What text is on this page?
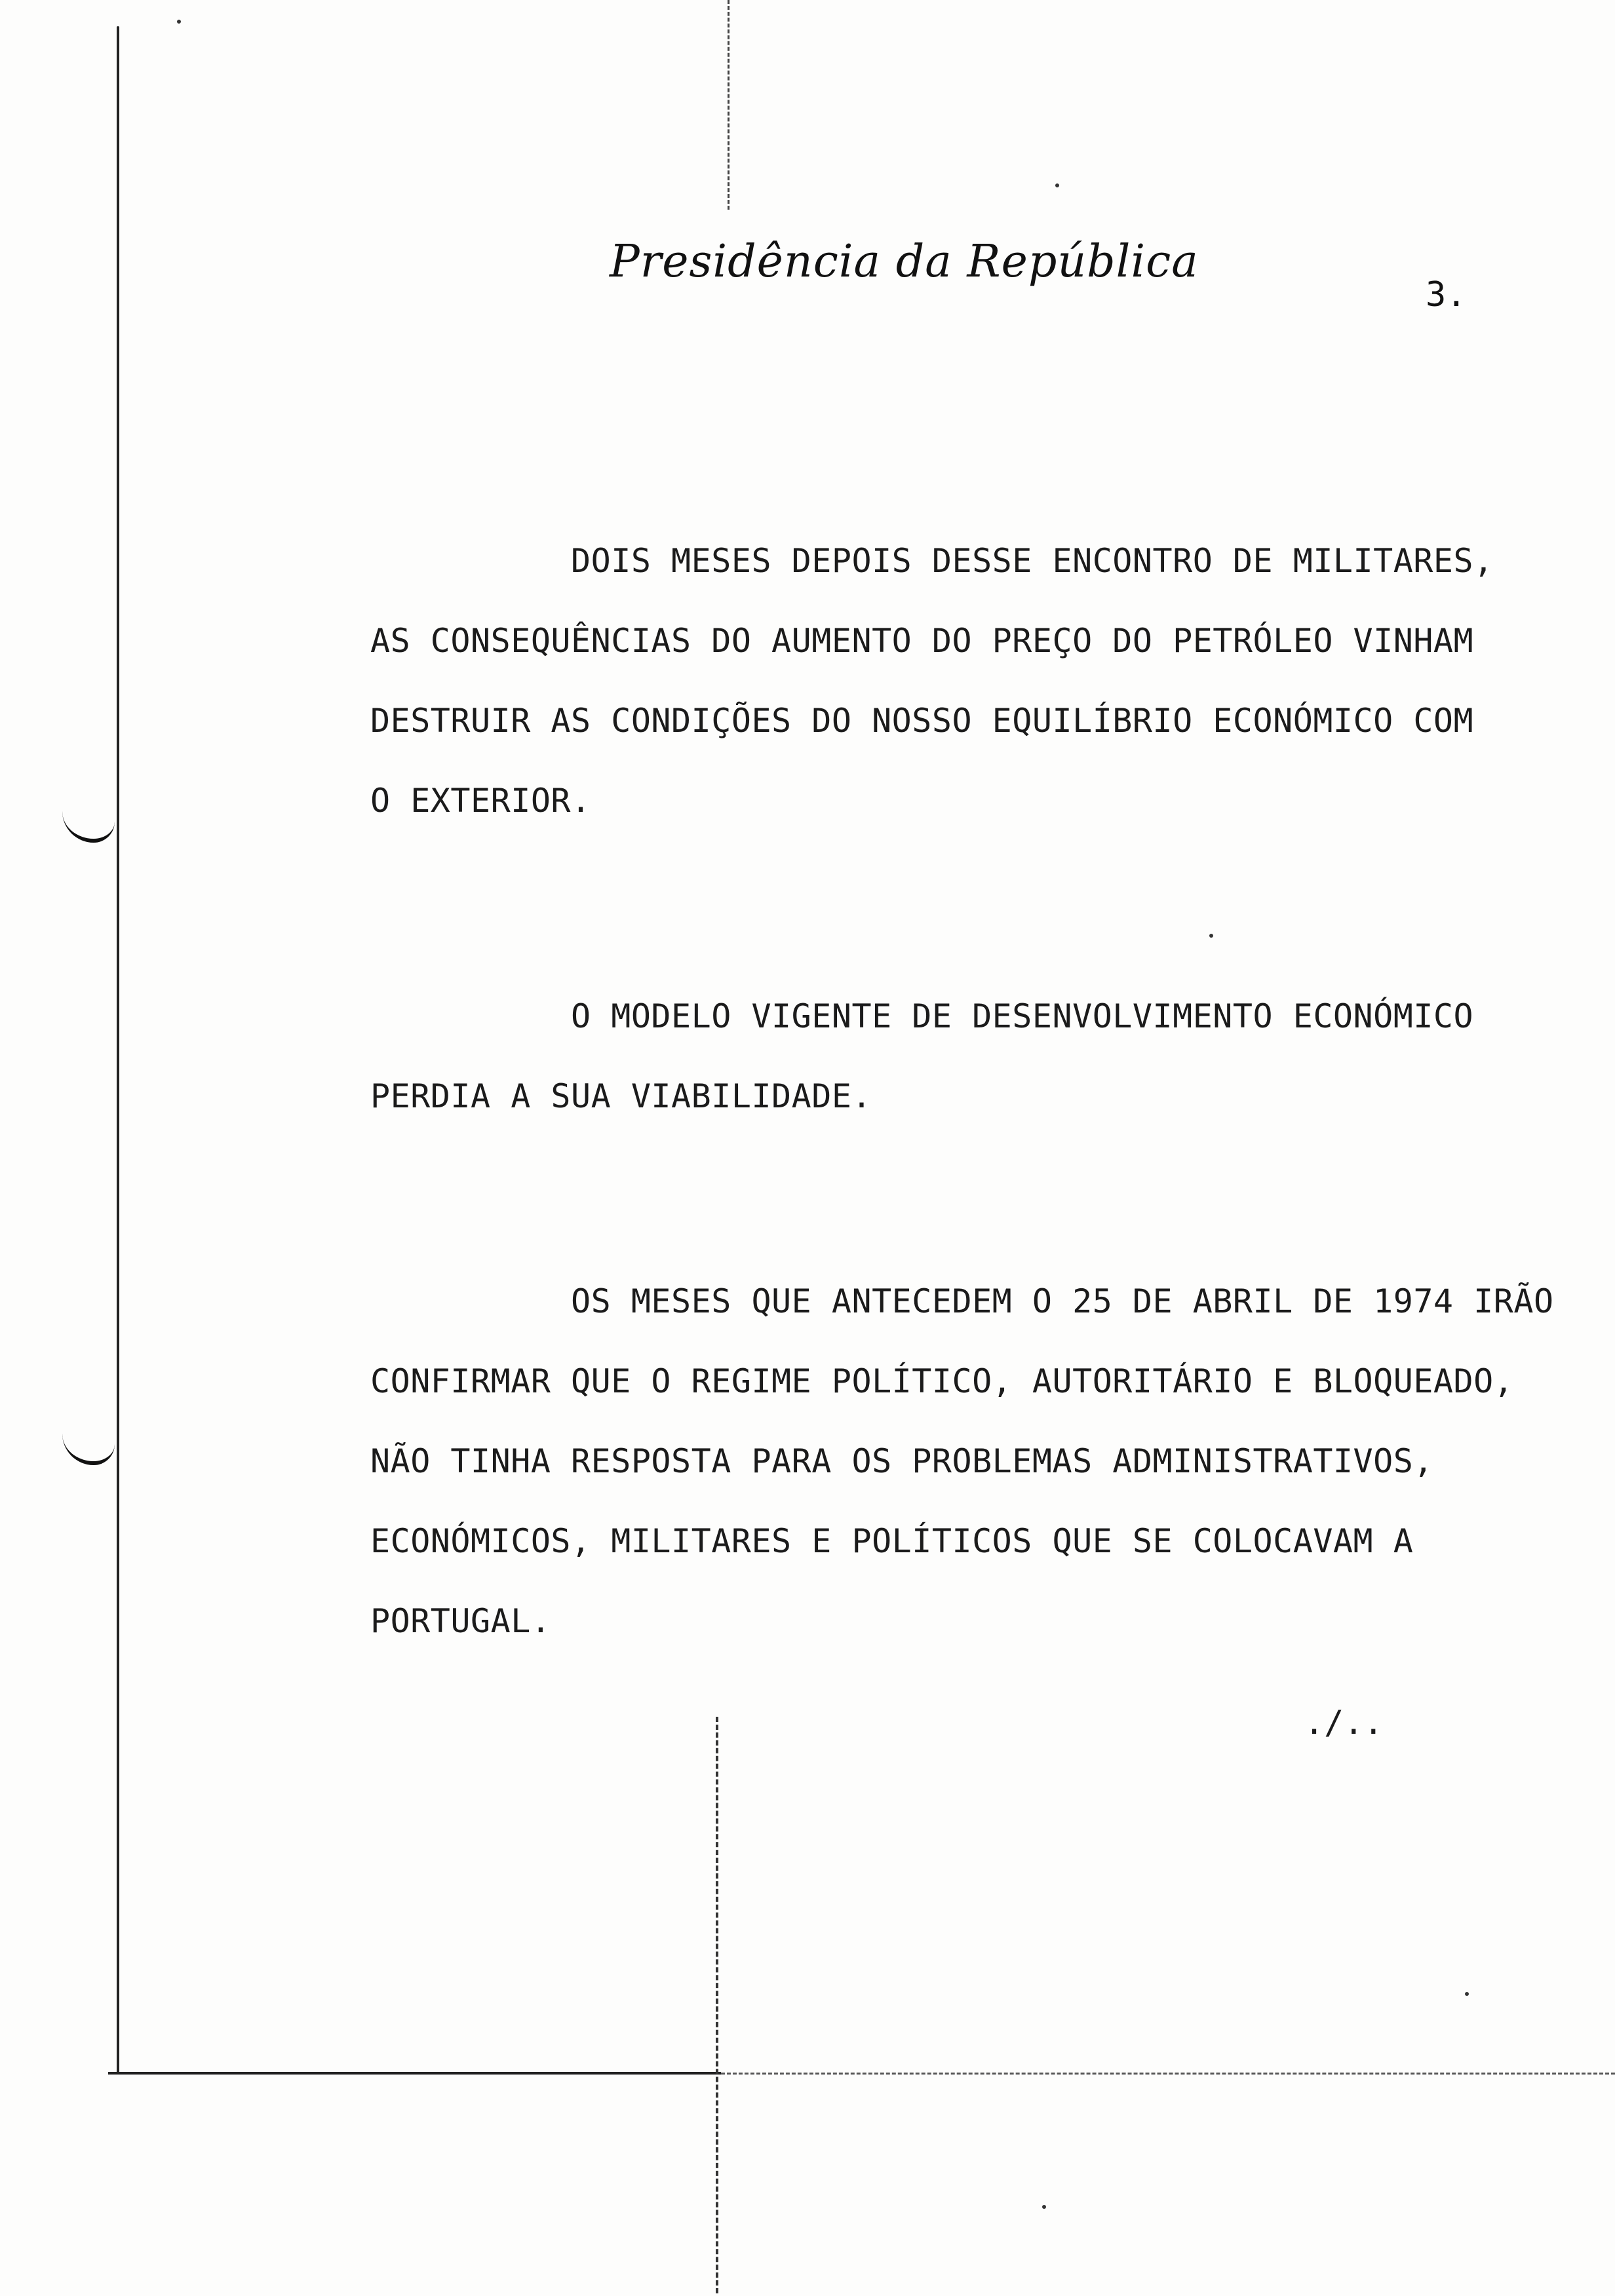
Presidência da República
3.
DOIS MESES DEPOIS DESSE ENCONTRO DE MILITARES,
AS CONSEQUÊNCIAS DO AUMENTO DO PREÇO DO PETRÓLEO VINHAM
DESTRUIR AS CONDIÇÕES DO NOSSO EQUILÍBRIO ECONÓMICO COM
O EXTERIOR.
O MODELO VIGENTE DE DESENVOLVIMENTO ECONÓMICO
PERDIA A SUA VIABILIDADE.
OS MESES QUE ANTECEDEM O 25 DE ABRIL DE 1974 IRÃO
CONFIRMAR QUE O REGIME POLÍTICO, AUTORITÁRIO E BLOQUEADO,
NÃO TINHA RESPOSTA PARA OS PROBLEMAS ADMINISTRATIVOS,
ECONÓMICOS, MILITARES E POLÍTICOS QUE SE COLOCAVAM A
PORTUGAL.
./..
